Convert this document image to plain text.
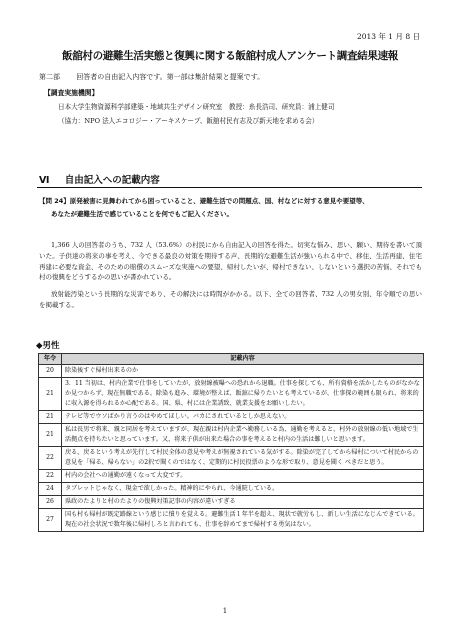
2013 年 1 月 8 日
飯舘村の避難生活実態と復興に関する飯舘村成人アンケート調査結果速報
第二部 回答者の自由記入内容です。第一部は集計結果と提案です。
【調査実施機関】
日本大学生物資源科学部建築・地域共生デザイン研究室　教授：糸長浩司、研究員：浦上健司
（協力：NPO 法人エコロジー・アーキスケープ、飯舘村民有志及び新天地を求める会）
Ⅵ 自由記入への記載内容
【問 24】原発被害に見舞われてから困っていること、避難生活での問題点、国、村などに対する意見や要望等、
あなたが避難生活で感じていることを何でもご記入ください。

1,366 人の回答者のうち、732 人（53.6%）の村民にから自由記入の回答を得た。切実な悩み、思い、願い、期待を書いて頂いた。子供達の将来の事を考え、今できる最良の対策を期待する声、長期的な避難生活が強いられる中で、移住、生活再建、住宅再建に必要な資金、そのための賠償のスムーズな実施への要望、帰村したいが、帰村できない、しないという選択の苦悩、それでも村の復興をどうするかの思いが書かれている。

放射能汚染という長期的な災害であり、その解決には時間がかかる。以下、全ての回答者、732 人の男女別、年令順での思いを掲載する。

◆男性
年令	記載内容
20	除染後すぐ帰村出来るのか
21	3．11 当初は、村内企業で仕事をしていたが、放射線被曝への恐れから退職。仕事を探しても、所有資格を活かしたものがなかなか見つからず、現在無職である。除染も進み、環境が整えば、飯舘に帰りたいとも考えているが、仕事探の範囲も限られ、将来的に収入源を得られるか心配である。国、県、村には企業誘致、就業支援をお願いしたい。
21	テレビ等でウソばかり言うのはやめてほしい。バカにされているとしか思えない。
21	私は長男で将来、親と同居を考えていますが、現在親は村内企業へ勤務しいる為、通勤を考えると、村外の放射線の低い地域で生活拠点を持ちたいと思っています。又、将来子供が出来た場合の事を考えると村内の生活は難しいと思います。
22	戻る、戻るという考えが先行して村民全体の意見や考えが無視されている気がする。除染が完了してから帰村について村民からの意見を「帰る、帰らない」の2択で聞くのではなく、定期的に村民投票のような形で取り、意見を聞く べきだと思う。
22	村内の会社への通勤が遠くなって大変です。
24	タブレットじゃなく、現金で欲しかった。精神的にやられ、今通院している。
26	県政のたよりと村のたよりの復興対策記事の内容が違いすぎる
27	国も村も帰村が既定路線という感じに憤りを覚える。避難生活１年半を超え、現状で就労もし、新しい生活になじんできている。現在の社会状況で数年後に帰村しろと言われても、仕事を辞めてまで帰村する勇気はない。
1
